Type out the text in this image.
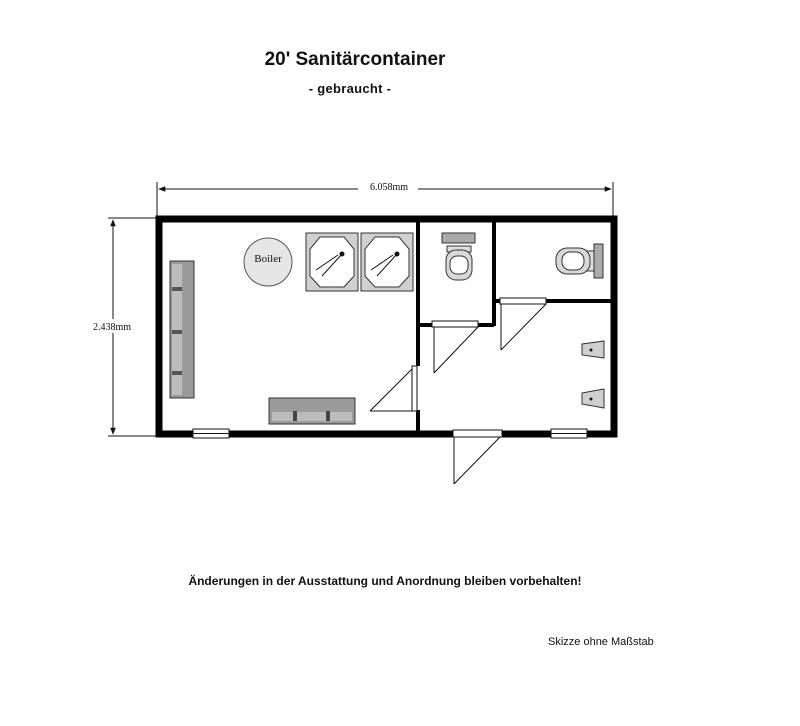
20' Sanitärcontainer
- gebraucht -
6.058mm
2.438mm
Boiler
Änderungen in der Ausstattung und Anordnung bleiben vorbehalten!
Skizze ohne Maßstab
